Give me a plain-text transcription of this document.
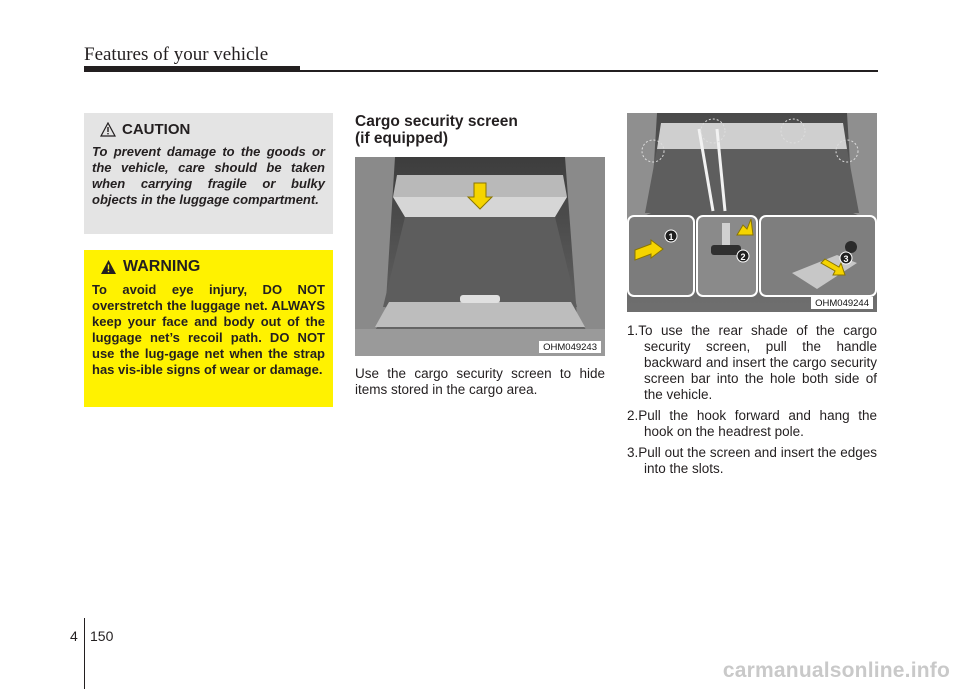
Features of your vehicle
CAUTION
To prevent damage to the goods or the vehicle, care should be taken when carrying fragile or bulky objects in the luggage compartment.
WARNING
To avoid eye injury, DO NOT overstretch the luggage net. ALWAYS keep your face and body out of the luggage net’s recoil path. DO NOT use the lug-gage net when the strap has vis-ible signs of wear or damage.
Cargo security screen
(if equipped)
OHM049243
Use the cargo security screen to hide items stored in the cargo area.
1
2	3
OHM049244
1.To use the rear shade of the cargo security screen, pull the handle backward and insert the cargo security screen bar into the hole both side of the vehicle.
2.Pull the hook forward and hang the hook on the headrest pole.
3.Pull out the screen and insert the edges into the slots.
4 150
carmanualsonline.info
